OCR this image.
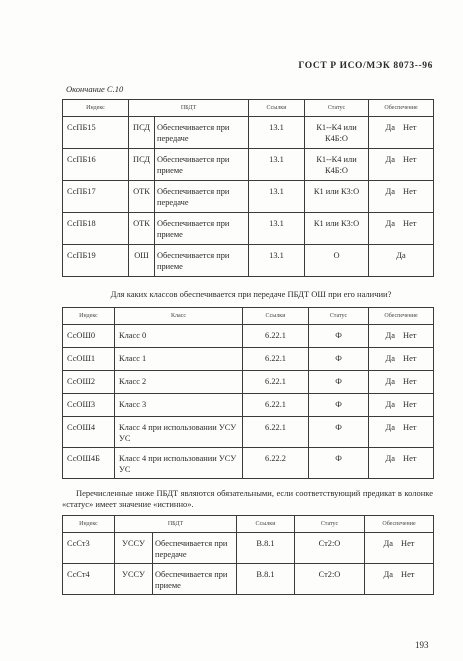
ГОСТ Р ИСО/МЭК 8073--96
Окончание С.10
Индекс	ПБДТ		Ссылки	Статус	Обеспечение
СсПБ15	ПСД	Обеспечивается при передаче	13.1	К1--К4 или К4Б:О	Да Нет
СсПБ16	ПСД	Обеспечивается при приеме	13.1	К1--К4 или К4Б:О	Да Нет
СсПБ17	ОТК	Обеспечивается при передаче	13.1	К1 или К3:О	Да Нет
СсПБ18	ОТК	Обеспечивается при приеме	13.1	К1 или К3:О	Да Нет
СсПБ19	ОШ	Обеспечивается при приеме	13.1	О	Да
Для каких классов обеспечивается при передаче ПБДТ ОШ при его наличии?
Индекс	Класс	Ссылки	Статус	Обеспечение
СсОШ0	Класс 0	6.22.1	Ф	Да Нет
СсОШ1	Класс 1	6.22.1	Ф	Да Нет
СсОШ2	Класс 2	6.22.1	Ф	Да Нет
СсОШ3	Класс 3	6.22.1	Ф	Да Нет
СсОШ4	Класс 4 при использовании УСУ УС	6.22.1	Ф	Да Нет
СсОШ4Б	Класс 4 при использовании УСУ УС	6.22.2	Ф	Да Нет
Перечисленные ниже ПБДТ являются обязательными, если соответствующий предикат в колонке «статус» имеет значение «истинно».
Индекс	ПБДТ		Ссылки	Статус	Обеспечение
СсСт3	УССУ	Обеспечивается при передаче	В.8.1	Ст2:О	Да Нет
СсСт4	УССУ	Обеспечивается при приеме	В.8.1	Ст2:О	Да Нет
193
